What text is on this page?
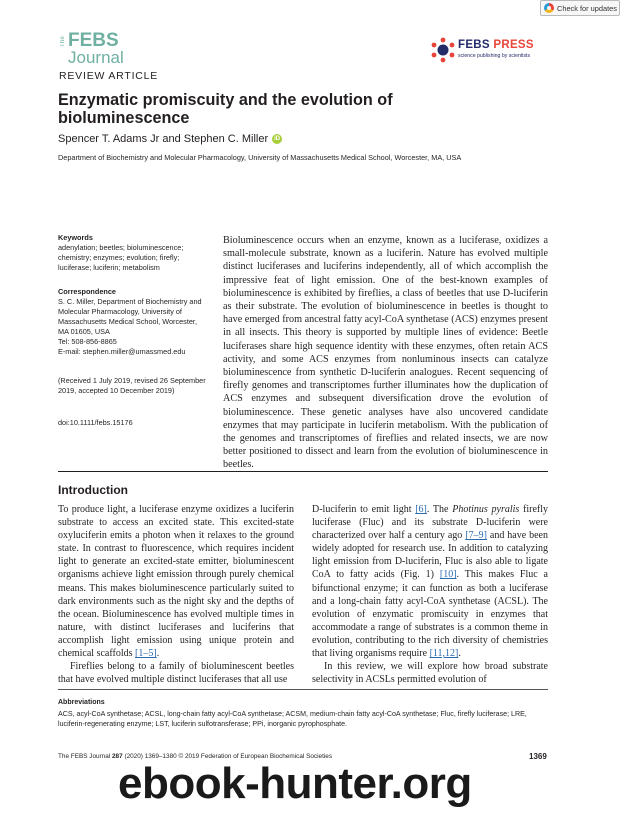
Check for updates
The FEBS
Journal
FEBS PRESS
science publishing by scientists
REVIEW ARTICLE
Enzymatic promiscuity and the evolution of bioluminescence
Spencer T. Adams Jr and Stephen C. Miller	iD
Department of Biochemistry and Molecular Pharmacology, University of Massachusetts Medical School, Worcester, MA, USA
Keywords
adenylation; beetles; bioluminescence; chemistry; enzymes; evolution; firefly; luciferase; luciferin; metabolism
Correspondence
S. C. Miller, Department of Biochemistry and Molecular Pharmacology, University of Massachusetts Medical School, Worcester, MA 01605, USA
Tel: 508-856-8865
E-mail: stephen.miller@umassmed.edu
(Received 1 July 2019, revised 26 September 2019, accepted 10 December 2019)
doi:10.1111/febs.15176
Bioluminescence occurs when an enzyme, known as a luciferase, oxidizes a small-molecule substrate, known as a luciferin. Nature has evolved multiple distinct luciferases and luciferins independently, all of which accomplish the impressive feat of light emission. One of the best-known examples of bioluminescence is exhibited by fireflies, a class of beetles that use D-luciferin as their substrate. The evolution of bioluminescence in beetles is thought to have emerged from ancestral fatty acyl-CoA synthetase (ACS) enzymes present in all insects. This theory is supported by multiple lines of evidence: Beetle luciferases share high sequence identity with these enzymes, often retain ACS activity, and some ACS enzymes from nonluminous insects can catalyze bioluminescence from synthetic D-luciferin analogues. Recent sequencing of firefly genomes and transcriptomes further illuminates how the duplication of ACS enzymes and subsequent diversification drove the evolution of bioluminescence. These genetic analyses have also uncovered candidate enzymes that may participate in luciferin metabolism. With the publication of the genomes and transcriptomes of fireflies and related insects, we are now better positioned to dissect and learn from the evolution of bioluminescence in beetles.
Introduction

To produce light, a luciferase enzyme oxidizes a luciferin substrate to access an excited state. This excited-state oxyluciferin emits a photon when it relaxes to the ground state. In contrast to fluorescence, which requires incident light to generate an excited-state emitter, bioluminescent organisms achieve light emission through purely chemical means. This makes bioluminescence particularly suited to dark environments such as the night sky and the depths of the ocean. Bioluminescence has evolved multiple times in nature, with distinct luciferases and luciferins that accomplish light emission using unique protein and chemical scaffolds [1–5].

Fireflies belong to a family of bioluminescent beetles that have evolved multiple distinct luciferases that all use

D-luciferin to emit light [6]. The Photinus pyralis firefly luciferase (Fluc) and its substrate D-luciferin were characterized over half a century ago [7–9] and have been widely adopted for research use. In addition to catalyzing light emission from D-luciferin, Fluc is also able to ligate CoA to fatty acids (Fig. 1) [10]. This makes Fluc a bifunctional enzyme; it can function as both a luciferase and a long-chain fatty acyl-CoA synthetase (ACSL). The evolution of enzymatic promiscuity in enzymes that accommodate a range of substrates is a common theme in evolution, contributing to the rich diversity of chemistries that living organisms require [11,12].

In this review, we will explore how broad substrate selectivity in ACSLs permitted evolution of

Abbreviations
ACS, acyl-CoA synthetase; ACSL, long-chain fatty acyl-CoA synthetase; ACSM, medium-chain fatty acyl-CoA synthetase; Fluc, firefly luciferase; LRE, luciferin-regenerating enzyme; LST, luciferin sulfotransferase; PPi, inorganic pyrophosphate.
The FEBS Journal 287 (2020) 1369–1380 © 2019 Federation of European Biochemical Societies	1369
ebook-hunter.org
